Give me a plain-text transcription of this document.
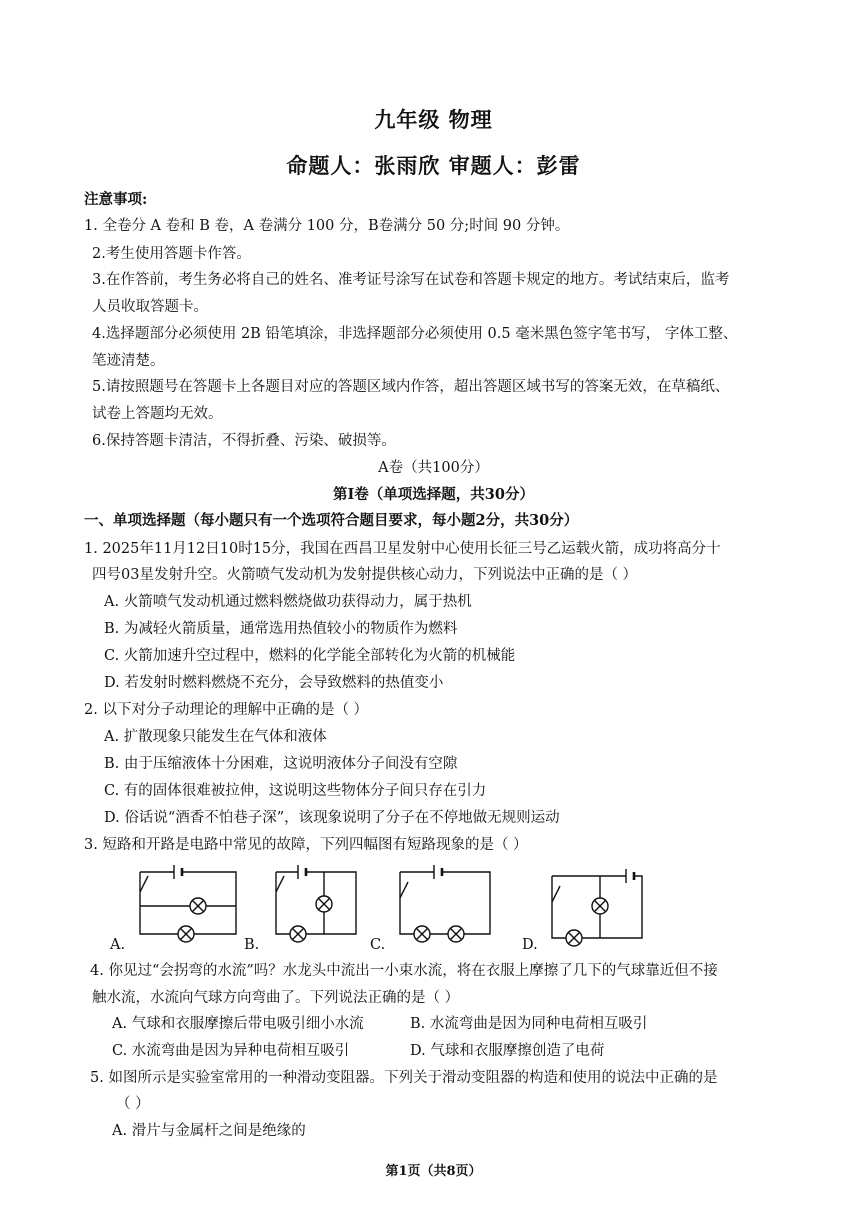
九年级 物理
命题人：张雨欣 审题人：彭雷
注意事项:
1. 全卷分 A 卷和 B 卷，A 卷满分 100 分，B卷满分 50 分;时间 90 分钟。
2.考生使用答题卡作答。
3.在作答前，考生务必将自己的姓名、准考证号涂写在试卷和答题卡规定的地方。考试结束后，监考
人员收取答题卡。
4.选择题部分必须使用 2B 铅笔填涂，非选择题部分必须使用 0.5 毫米黑色签字笔书写， 字体工整、
笔迹清楚。
5.请按照题号在答题卡上各题目对应的答题区域内作答，超出答题区域书写的答案无效，在草稿纸、
试卷上答题均无效。
6.保持答题卡清洁，不得折叠、污染、破损等。
A卷（共100分）
第Ⅰ卷（单项选择题，共30分）
一、单项选择题（每小题只有一个选项符合题目要求，每小题2分，共30分）
1. 2025年11月12日10时15分，我国在西昌卫星发射中心使用长征三号乙运载火箭，成功将高分十
四号03星发射升空。火箭喷气发动机为发射提供核心动力，下列说法中正确的是（ ）
A. 火箭喷气发动机通过燃料燃烧做功获得动力，属于热机
B. 为减轻火箭质量，通常选用热值较小的物质作为燃料
C. 火箭加速升空过程中，燃料的化学能全部转化为火箭的机械能
D. 若发射时燃料燃烧不充分，会导致燃料的热值变小
2. 以下对分子动理论的理解中正确的是（ ）
A. 扩散现象只能发生在气体和液体
B. 由于压缩液体十分困难，这说明液体分子间没有空隙
C. 有的固体很难被拉伸，这说明这些物体分子间只存在引力
D. 俗话说“酒香不怕巷子深”，该现象说明了分子在不停地做无规则运动
3. 短路和开路是电路中常见的故障，下列四幅图有短路现象的是（ ）
A.	B.	C.	D.
4. 你见过“会拐弯的水流”吗？水龙头中流出一小束水流，将在衣服上摩擦了几下的气球靠近但不接
触水流，水流向气球方向弯曲了。下列说法正确的是（ ）
A. 气球和衣服摩擦后带电吸引细小水流	B. 水流弯曲是因为同种电荷相互吸引
C. 水流弯曲是因为异种电荷相互吸引	D. 气球和衣服摩擦创造了电荷
5. 如图所示是实验室常用的一种滑动变阻器。下列关于滑动变阻器的构造和使用的说法中正确的是
（ ）
A. 滑片与金属杆之间是绝缘的
第1页（共8页）
